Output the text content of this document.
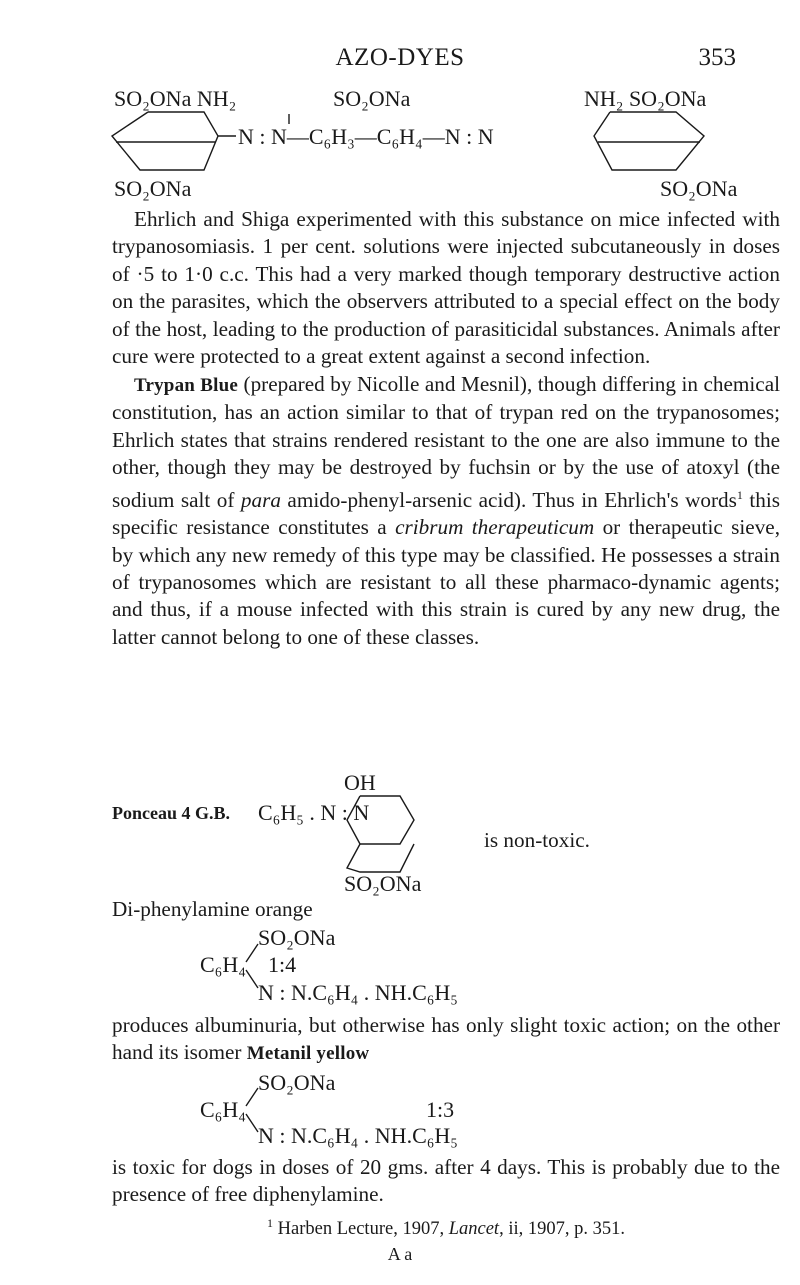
AZO-DYES	353
SO₂ONa NH₂	SO₂ONa	NH₂ SO₂ONa
N : N—C₆H₃—C₆H₄—N : N
SO₂ONa	SO₂ONa

Ehrlich and Shiga experimented with this substance on mice infected with trypanosomiasis. 1 per cent. solutions were injected subcutaneously in doses of ·5 to 1·0 c.c. This had a very marked though temporary destructive action on the parasites, which the observers attributed to a special effect on the body of the host, leading to the production of parasiticidal substances. Animals after cure were protected to a great extent against a second infection.

Trypan Blue (prepared by Nicolle and Mesnil), though differing in chemical constitution, has an action similar to that of trypan red on the trypanosomes; Ehrlich states that strains rendered resistant to the one are also immune to the other, though they may be destroyed by fuchsin or by the use of atoxyl (the sodium salt of para amido-phenyl-arsenic acid). Thus in Ehrlich's words$^1$ this specific resistance constitutes a cribrum therapeuticum or therapeutic sieve, by which any new remedy of this type may be classified. He possesses a strain of trypanosomes which are resistant to all these pharmaco-dynamic agents; and thus, if a mouse infected with this strain is cured by any new drug, the latter cannot belong to one of these classes.

OH
Ponceau 4 G.B. C₆H₅ . N : N
is non-toxic.
SO₂ONa
Di-phenylamine orange
SO₂ONa
C₆H₄ 1:4
N : N.C₆H₄ . NH.C₆H₅

produces albuminuria, but otherwise has only slight toxic action; on the other hand its isomer Metanil yellow

SO₂ONa
C₆H₄	1:3
N : N.C₆H₄ . NH.C₆H₅

is toxic for dogs in doses of 20 gms. after 4 days. This is probably due to the presence of free diphenylamine.

$^1$ Harben Lecture, 1907, Lancet, ii, 1907, p. 351.
A a
